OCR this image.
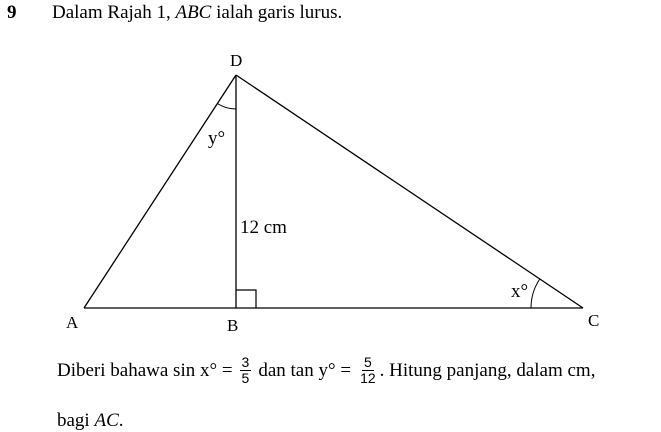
9 Dalam Rajah 1, ABC ialah garis lurus.
D
A	B	C
12 cm
y°
x°
Diberi bahawa $\sin x^\circ = \frac{3}{5}$ dan $\tan y^\circ = \frac{5}{12}$ . Hitung panjang, dalam cm,
bagi AC.
